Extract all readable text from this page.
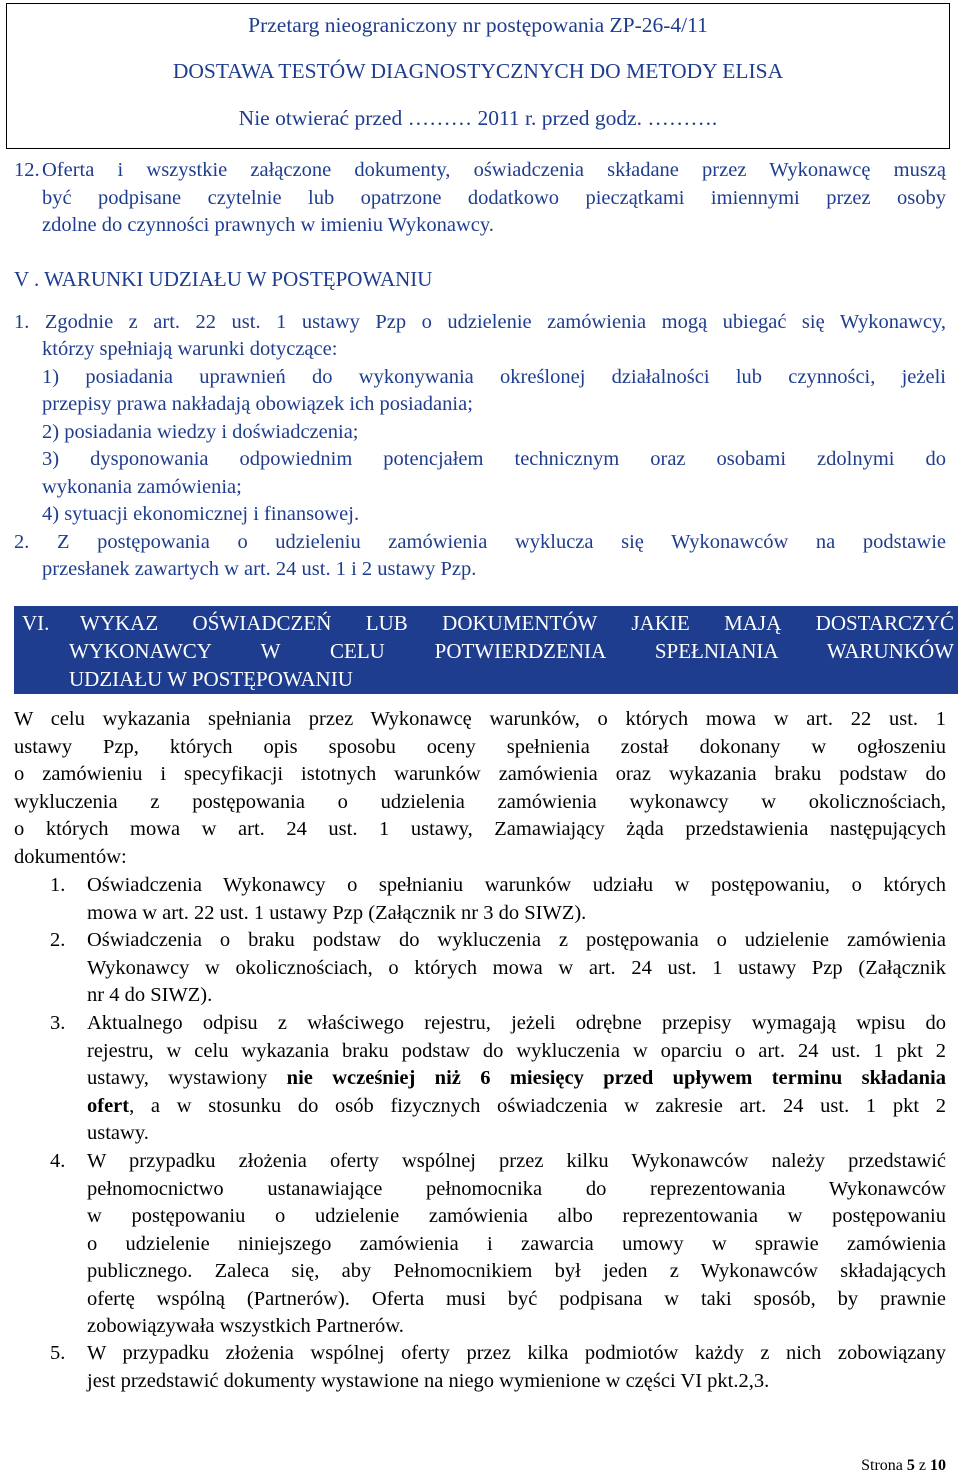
Przetarg nieograniczony nr postępowania ZP-26-4/11
DOSTAWA TESTÓW DIAGNOSTYCZNYCH DO METODY ELISA
Nie otwierać przed ……… 2011 r. przed godz. ……….
12. Oferta i wszystkie załączone dokumenty, oświadczenia składane przez Wykonawcę muszą
być podpisane czytelnie lub opatrzone dodatkowo pieczątkami imiennymi przez osoby
zdolne do czynności prawnych w imieniu Wykonawcy.
V . WARUNKI UDZIAŁU W POSTĘPOWANIU
1. Zgodnie z art. 22 ust. 1 ustawy Pzp o udzielenie zamówienia mogą ubiegać się Wykonawcy,
którzy spełniają warunki dotyczące:
1) posiadania uprawnień do wykonywania określonej działalności lub czynności, jeżeli
przepisy prawa nakładają obowiązek ich posiadania;
2) posiadania wiedzy i doświadczenia;
3) dysponowania odpowiednim potencjałem technicznym oraz osobami zdolnymi do
wykonania zamówienia;
4) sytuacji ekonomicznej i finansowej.
2. Z postępowania o udzieleniu zamówienia wyklucza się Wykonawców na podstawie
przesłanek zawartych w art. 24 ust. 1 i 2 ustawy Pzp.
VI. WYKAZ OŚWIADCZEŃ LUB DOKUMENTÓW JAKIE MAJĄ DOSTARCZYĆ
WYKONAWCY W CELU POTWIERDZENIA SPEŁNIANIA WARUNKÓW
UDZIAŁU W POSTĘPOWANIU
W celu wykazania spełniania przez Wykonawcę warunków, o których mowa w art. 22 ust. 1
ustawy Pzp, których opis sposobu oceny spełnienia został dokonany w ogłoszeniu
o zamówieniu i specyfikacji istotnych warunków zamówienia oraz wykazania braku podstaw do
wykluczenia z postępowania o udzielenia zamówienia wykonawcy w okolicznościach,
o których mowa w art. 24 ust. 1 ustawy, Zamawiający żąda przedstawienia następujących
dokumentów:
1. Oświadczenia Wykonawcy o spełnianiu warunków udziału w postępowaniu, o których
mowa w art. 22 ust. 1 ustawy Pzp (Załącznik nr 3 do SIWZ).
2. Oświadczenia o braku podstaw do wykluczenia z postępowania o udzielenie zamówienia
Wykonawcy w okolicznościach, o których mowa w art. 24 ust. 1 ustawy Pzp (Załącznik
nr 4 do SIWZ).
3. Aktualnego odpisu z właściwego rejestru, jeżeli odrębne przepisy wymagają wpisu do
rejestru, w celu wykazania braku podstaw do wykluczenia w oparciu o art. 24 ust. 1 pkt 2
ustawy, wystawiony nie wcześniej niż 6 miesięcy przed upływem terminu składania
ofert, a w stosunku do osób fizycznych oświadczenia w zakresie art. 24 ust. 1 pkt 2
ustawy.
4. W przypadku złożenia oferty wspólnej przez kilku Wykonawców należy przedstawić
pełnomocnictwo ustanawiające pełnomocnika do reprezentowania Wykonawców
w postępowaniu o udzielenie zamówienia albo reprezentowania w postępowaniu
o udzielenie niniejszego zamówienia i zawarcia umowy w sprawie zamówienia
publicznego. Zaleca się, aby Pełnomocnikiem był jeden z Wykonawców składających
ofertę wspólną (Partnerów). Oferta musi być podpisana w taki sposób, by prawnie
zobowiązywała wszystkich Partnerów.
5. W przypadku złożenia wspólnej oferty przez kilka podmiotów każdy z nich zobowiązany
jest przedstawić dokumenty wystawione na niego wymienione w części VI pkt.2,3.
Strona 5 z 10
